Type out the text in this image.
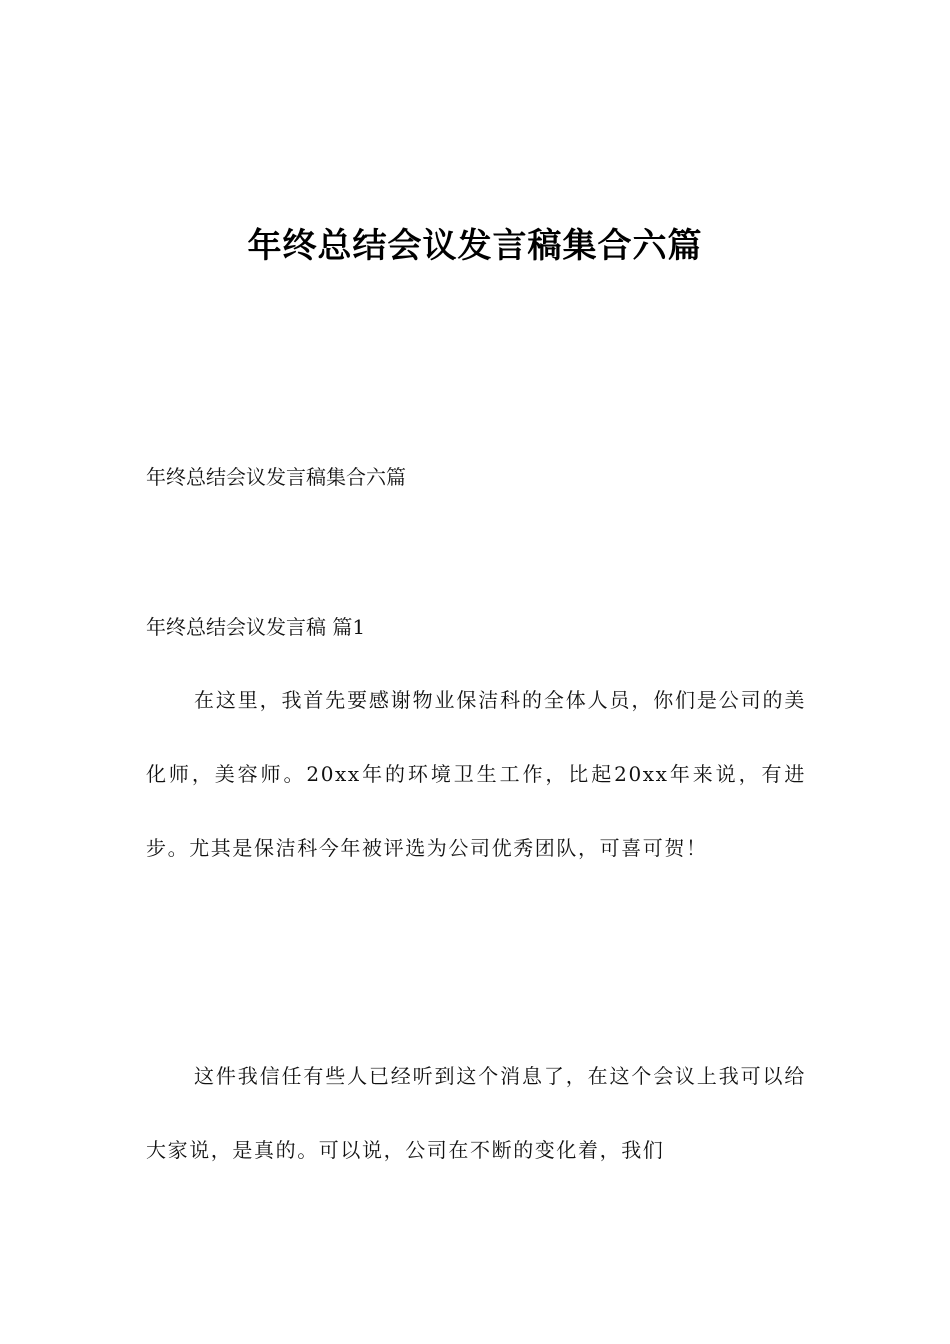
年终总结会议发言稿集合六篇
年终总结会议发言稿集合六篇
年终总结会议发言稿 篇1

在这里，我首先要感谢物业保洁科的全体人员，你们是公司的美化师，美容师。20xx年的环境卫生工作，比起20xx年来说，有进步。尤其是保洁科今年被评选为公司优秀团队，可喜可贺！

这件我信任有些人已经听到这个消息了，在这个会议上我可以给大家说，是真的。可以说，公司在不断的变化着，我们
